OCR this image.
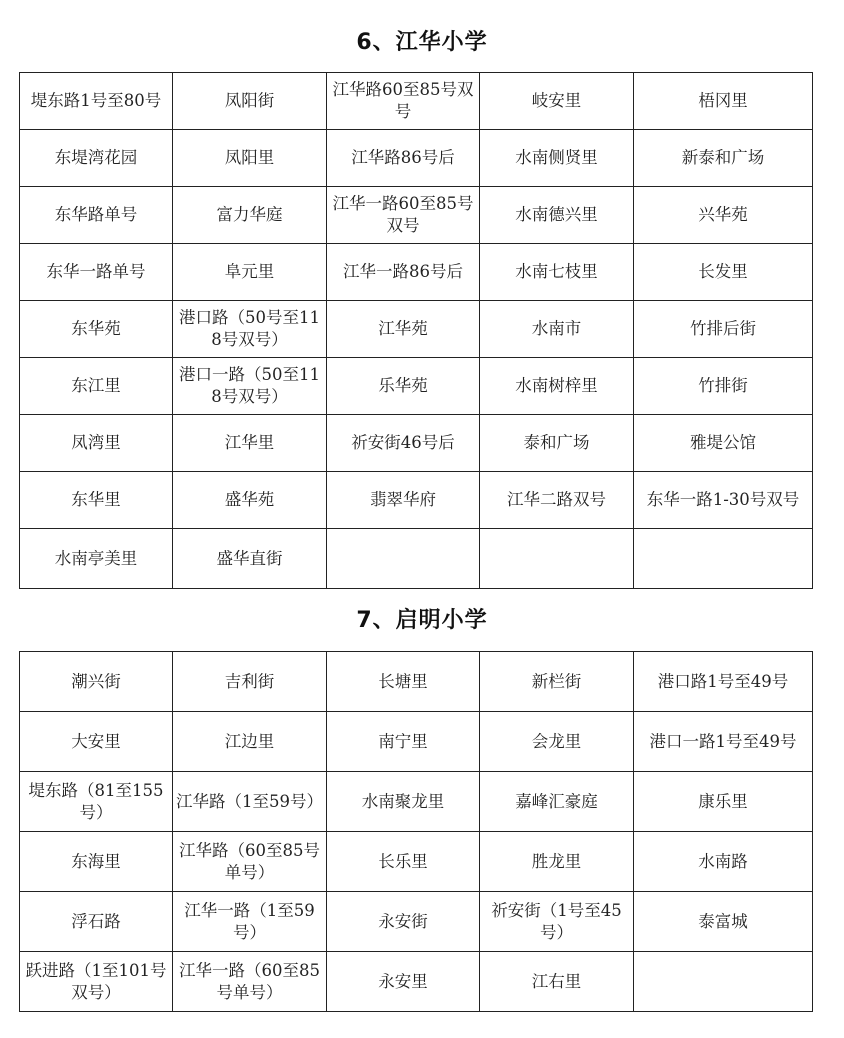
6、江华小学
堤东路1号至80号	凤阳街	江华路60至85号双号	岐安里	梧冈里
东堤湾花园	凤阳里	江华路86号后	水南侧贤里	新泰和广场
东华路单号	富力华庭	江华一路60至85号双号	水南德兴里	兴华苑
东华一路单号	阜元里	江华一路86号后	水南七枝里	长发里
东华苑	港口路（50号至118号双号）	江华苑	水南市	竹排后街
东江里	港口一路（50至118号双号）	乐华苑	水南树梓里	竹排街
凤湾里	江华里	祈安街46号后	泰和广场	雅堤公馆
东华里	盛华苑	翡翠华府	江华二路双号	东华一路1-30号双号
水南亭美里	盛华直街			
7、启明小学
潮兴街	吉利街	长塘里	新栏街	港口路1号至49号
大安里	江边里	南宁里	会龙里	港口一路1号至49号
堤东路（81至155号）	江华路（1至59号）	水南聚龙里	嘉峰汇豪庭	康乐里
东海里	江华路（60至85号单号）	长乐里	胜龙里	水南路
浮石路	江华一路（1至59号）	永安街	祈安街（1号至45号）	泰富城
跃进路（1至101号双号）	江华一路（60至85号单号）	永安里	江右里	
